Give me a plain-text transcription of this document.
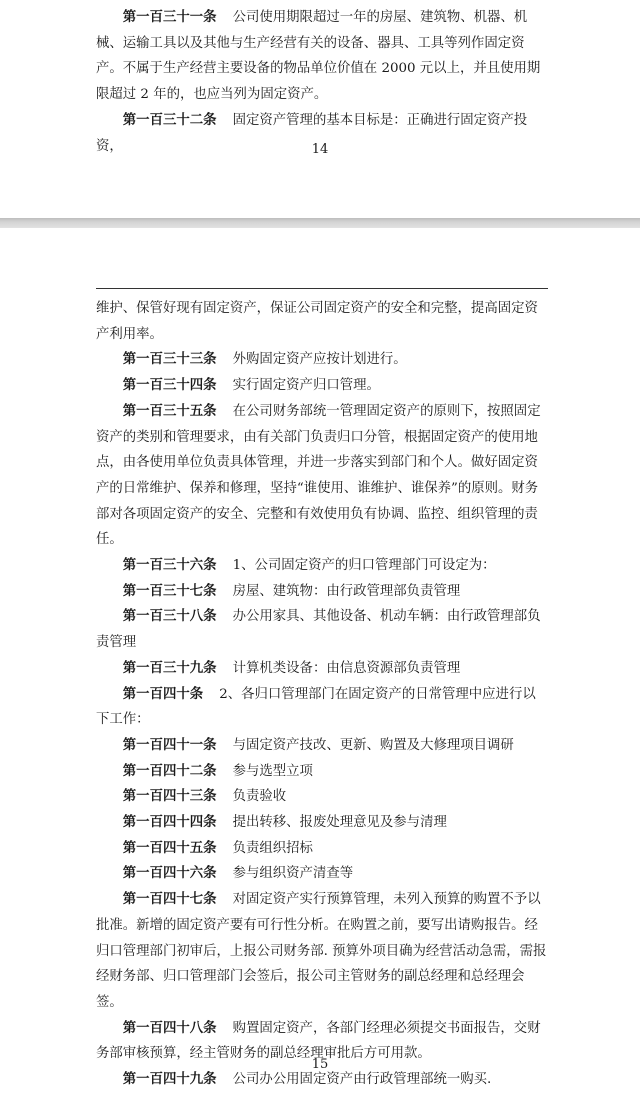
第一百三十一条 公司使用期限超过一年的房屋、建筑物、机器、机械、运输工具以及其他与生产经营有关的设备、器具、工具等列作固定资产。不属于生产经营主要设备的物品单位价值在 2000 元以上，并且使用期限超过 2 年的，也应当列为固定资产。

第一百三十二条 固定资产管理的基本目标是：正确进行固定资产投资，	14

维护、保管好现有固定资产，保证公司固定资产的安全和完整，提高固定资产利用率。

第一百三十三条 外购固定资产应按计划进行。

第一百三十四条 实行固定资产归口管理。

第一百三十五条 在公司财务部统一管理固定资产的原则下，按照固定资产的类别和管理要求，由有关部门负责归口分管，根据固定资产的使用地点，由各使用单位负责具体管理，并进一步落实到部门和个人。做好固定资产的日常维护、保养和修理，坚持“谁使用、谁维护、谁保养”的原则。财务部对各项固定资产的安全、完整和有效使用负有协调、监控、组织管理的责任。

第一百三十六条 1、公司固定资产的归口管理部门可设定为：

第一百三十七条 房屋、建筑物：由行政管理部负责管理

第一百三十八条 办公用家具、其他设备、机动车辆：由行政管理部负责管理

第一百三十九条 计算机类设备：由信息资源部负责管理

第一百四十条 2、各归口管理部门在固定资产的日常管理中应进行以下工作：

第一百四十一条 与固定资产技改、更新、购置及大修理项目调研

第一百四十二条 参与选型立项

第一百四十三条 负责验收

第一百四十四条 提出转移、报废处理意见及参与清理

第一百四十五条 负责组织招标

第一百四十六条 参与组织资产清查等

第一百四十七条 对固定资产实行预算管理，未列入预算的购置不予以批准。新增的固定资产要有可行性分析。在购置之前，要写出请购报告。经归口管理部门初审后，上报公司财务部. 预算外项目确为经营活动急需，需报经财务部、归口管理部门会签后，报公司主管财务的副总经理和总经理会签。

第一百四十八条 购置固定资产，各部门经理必须提交书面报告，交财务部审核预算，经主管财务的副总经理审批后方可用款。

第一百四十九条 公司办公用固定资产由行政管理部统一购买.

15
